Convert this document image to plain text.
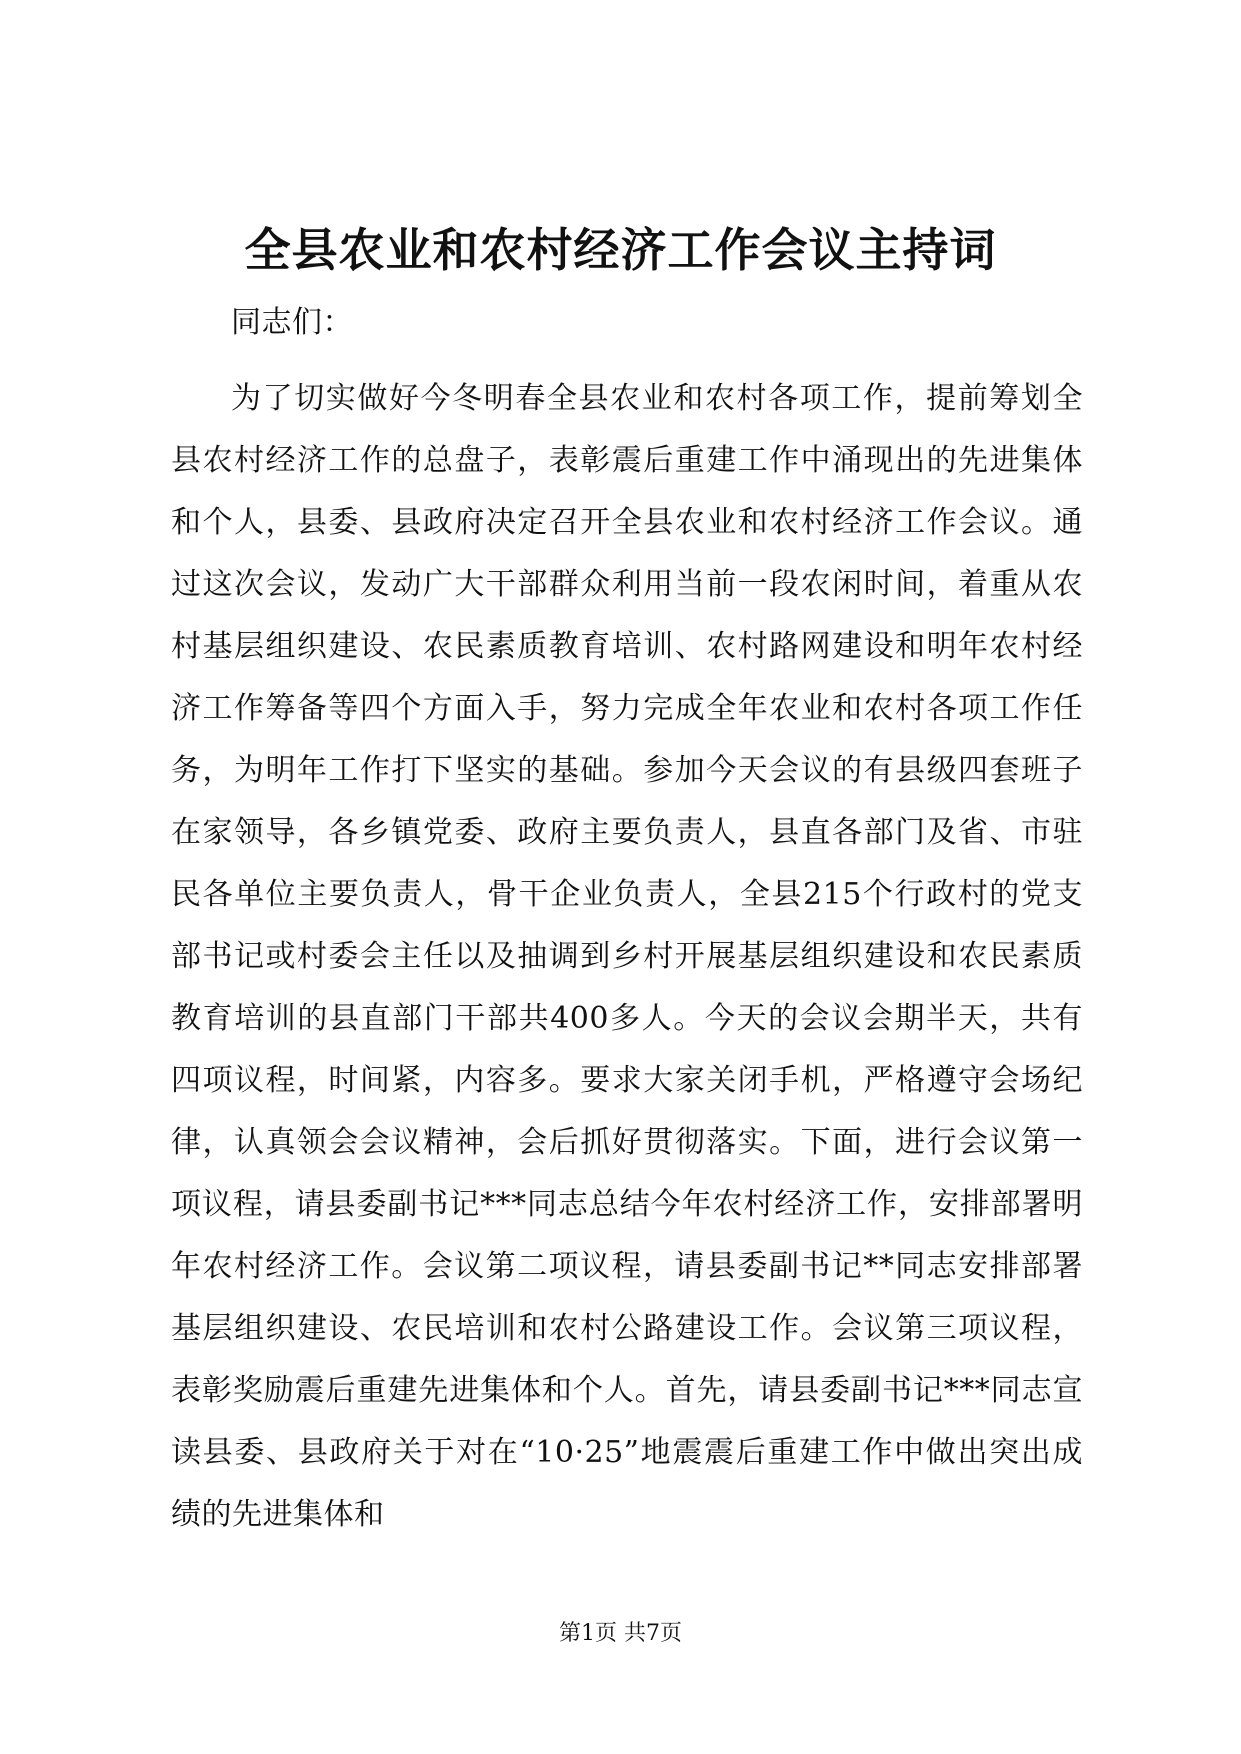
全县农业和农村经济工作会议主持词

同志们：

为了切实做好今冬明春全县农业和农村各项工作，提前筹划全县农村经济工作的总盘子，表彰震后重建工作中涌现出的先进集体和个人，县委、县政府决定召开全县农业和农村经济工作会议。通过这次会议，发动广大干部群众利用当前一段农闲时间，着重从农村基层组织建设、农民素质教育培训、农村路网建设和明年农村经济工作筹备等四个方面入手，努力完成全年农业和农村各项工作任务，为明年工作打下坚实的基础。参加今天会议的有县级四套班子在家领导，各乡镇党委、政府主要负责人，县直各部门及省、市驻民各单位主要负责人，骨干企业负责人，全县215个行政村的党支部书记或村委会主任以及抽调到乡村开展基层组织建设和农民素质教育培训的县直部门干部共400多人。今天的会议会期半天，共有四项议程，时间紧，内容多。要求大家关闭手机，严格遵守会场纪律，认真领会会议精神，会后抓好贯彻落实。下面，进行会议第一项议程，请县委副书记***同志总结今年农村经济工作，安排部署明年农村经济工作。会议第二项议程，请县委副书记**同志安排部署基层组织建设、农民培训和农村公路建设工作。会议第三项议程，表彰奖励震后重建先进集体和个人。首先，请县委副书记***同志宣读县委、县政府关于对在“10·25”地震震后重建工作中做出突出成绩的先进集体和

第1页 共7页
